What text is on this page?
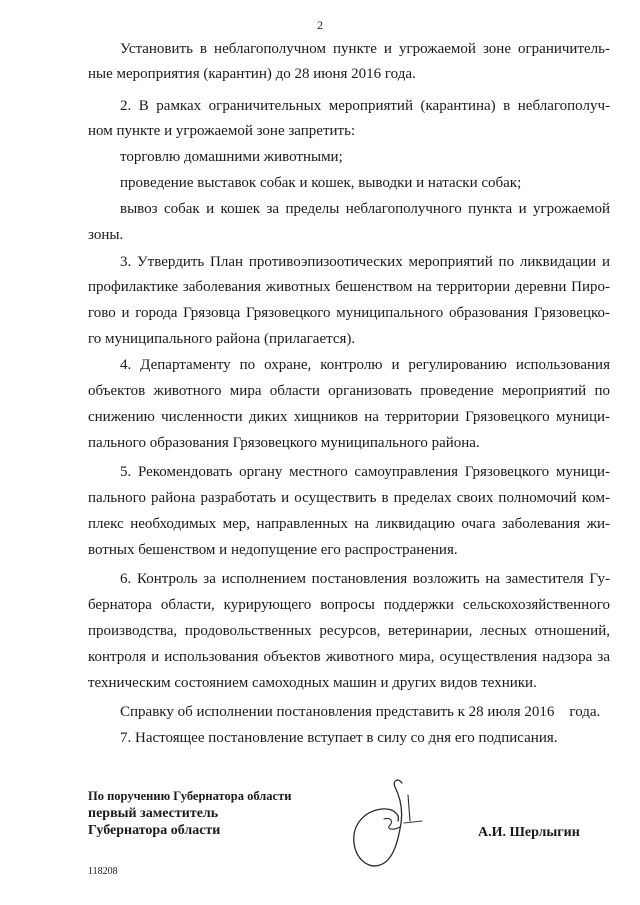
2
Установить в неблагополучном пункте и угрожаемой зоне ограничитель-
ные мероприятия (карантин) до 28 июня 2016 года.
2. В рамках ограничительных мероприятий (карантина) в неблагополуч-
ном пункте и угрожаемой зоне запретить:
торговлю домашними животными;
проведение выставок собак и кошек, выводки и натаски собак;
вывоз собак и кошек за пределы неблагополучного пункта и угрожаемой
зоны.
3. Утвердить План противоэпизоотических мероприятий по ликвидации и
профилактике заболевания животных бешенством на территории деревни Пиро-
гово и города Грязовца Грязовецкого муниципального образования Грязовецко-
го муниципального района (прилагается).
4. Департаменту по охране, контролю и регулированию использования
объектов животного мира области организовать проведение мероприятий по
снижению численности диких хищников на территории Грязовецкого муници-
пального образования Грязовецкого муниципального района.
5. Рекомендовать органу местного самоуправления Грязовецкого муници-
пального района разработать и осуществить в пределах своих полномочий ком-
плекс необходимых мер, направленных на ликвидацию очага заболевания жи-
вотных бешенством и недопущение его распространения.
6. Контроль за исполнением постановления возложить на заместителя Гу-
бернатора области, курирующего вопросы поддержки сельскохозяйственного
производства, продовольственных ресурсов, ветеринарии, лесных отношений,
контроля и использования объектов животного мира, осуществления надзора за
техническим состоянием самоходных машин и других видов техники.
Справку об исполнении постановления представить к 28 июля 2016    года.
7. Настоящее постановление вступает в силу со дня его подписания.
По поручению Губернатора области
первый заместитель
Губернатора области	А.И. Шерлыгин
118208
